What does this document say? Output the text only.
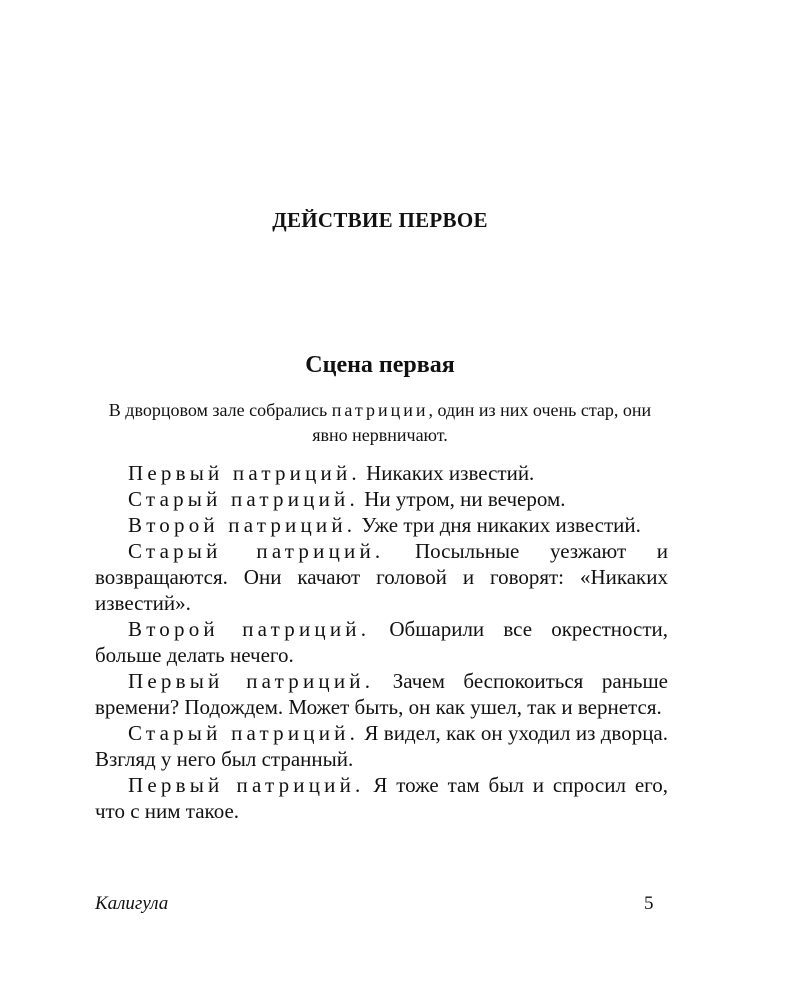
ДЕЙСТВИЕ ПЕРВОЕ
Сцена первая

В дворцовом зале собрались патриции, один из них очень стар, они явно нервничают.

Первый патриций. Никаких известий.

Старый патриций. Ни утром, ни вечером.

Второй патриций. Уже три дня никаких известий.

Старый патриций. Посыльные уезжают и возвращаются. Они качают головой и говорят: «Никаких известий».

Второй патриций. Обшарили все окрестности, больше делать нечего.

Первый патриций. Зачем беспокоиться раньше времени? Подождем. Может быть, он как ушел, так и вернется.

Старый патриций. Я видел, как он уходил из дворца. Взгляд у него был странный.

Первый патриций. Я тоже там был и спросил его, что с ним такое.

Калигула	5
